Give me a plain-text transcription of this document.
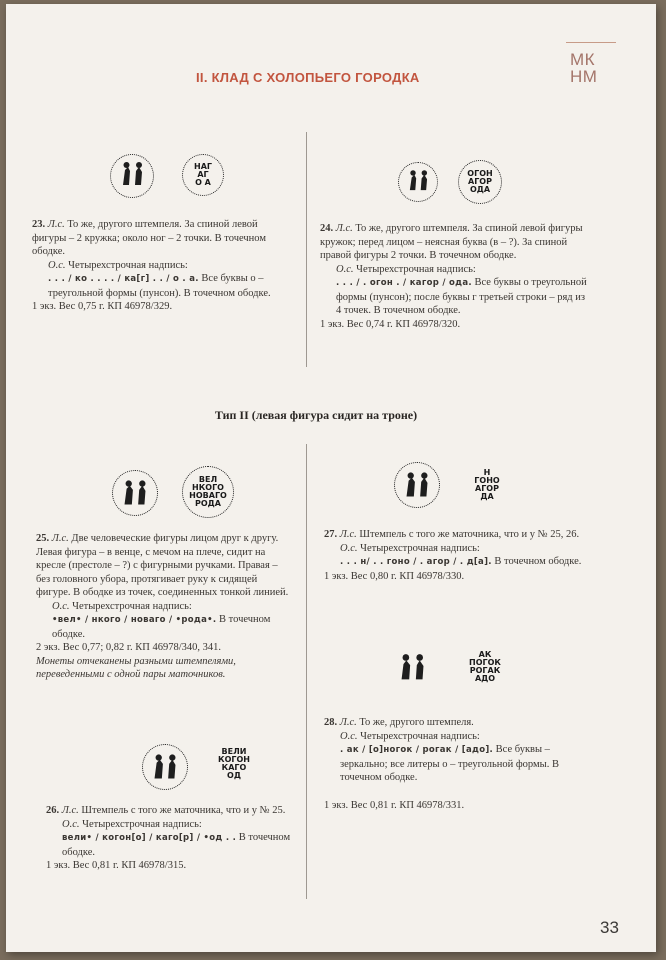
МК
НМ
II. КЛАД С ХОЛОПЬЕГО ГОРОДКА
НАГ
АГ
О А
ОГОН
АГОР
ОДА

23. Л.с. То же, другого штемпеля. За спиной левой фигуры – 2 кружка; около ног – 2 точки. В точечном ободке.

О.с. Четырехстрочная надпись:

. . . / ко . . . . / ка[г] . . / о . а. Все буквы о – треугольной формы (пунсон). В точечном ободке.

1 экз. Вес 0,75 г. КП 46978/329.

24. Л.с. То же, другого штемпеля. За спиной левой фигуры кружок; перед лицом – неясная буква (в – ?). За спиной правой фигуры 2 точки. В точечном ободке.

О.с. Четырехстрочная надпись:

. . . / . огон . / кагор / ода. Все буквы о треугольной формы (пунсон); после буквы г третьей строки – ряд из 4 точек. В точечном ободке.

1 экз. Вес 0,74 г. КП 46978/320.

Тип II (левая фигура сидит на троне)
ВЕЛ
НКОГО
НОВАГО
РОДА
Н
ГОНО
АГОР
ДА

25. Л.с. Две человеческие фигуры лицом друг к другу. Левая фигура – в венце, с мечом на плече, сидит на кресле (престоле – ?) с фигурными ручками. Правая – без головного убора, протягивает руку к сидящей фигуре. В ободке из точек, соединенных тонкой линией.

О.с. Четырехстрочная надпись:

•вел• / нкого / новаго / •рода•. В точечном ободке.

2 экз. Вес 0,77; 0,82 г. КП 46978/340, 341.

Монеты отчеканены разными штемпелями, переведенными с одной пары маточников.

27. Л.с. Штемпель с того же маточника, что и у № 25, 26.

О.с. Четырехстрочная надпись:

. . . н/ . . гоно / . агор / . д[а]. В точечном ободке.

1 экз. Вес 0,80 г. КП 46978/330.

АК
ПОГОК
РОГАК
АДО

28. Л.с. То же, другого штемпеля.

О.с. Четырехстрочная надпись:

. ак / [о]ногок / рогак / [адо]. Все буквы – зеркально; все литеры о – треугольной формы. В точечном ободке.

1 экз. Вес 0,81 г. КП 46978/331.

ВЕЛИ
КОГОН
КАГО
ОД

26. Л.с. Штемпель с того же маточника, что и у № 25.

О.с. Четырехстрочная надпись:

вели• / когон[о] / каго[р] / •од . . В точечном ободке.

1 экз. Вес 0,81 г. КП 46978/315.

33
